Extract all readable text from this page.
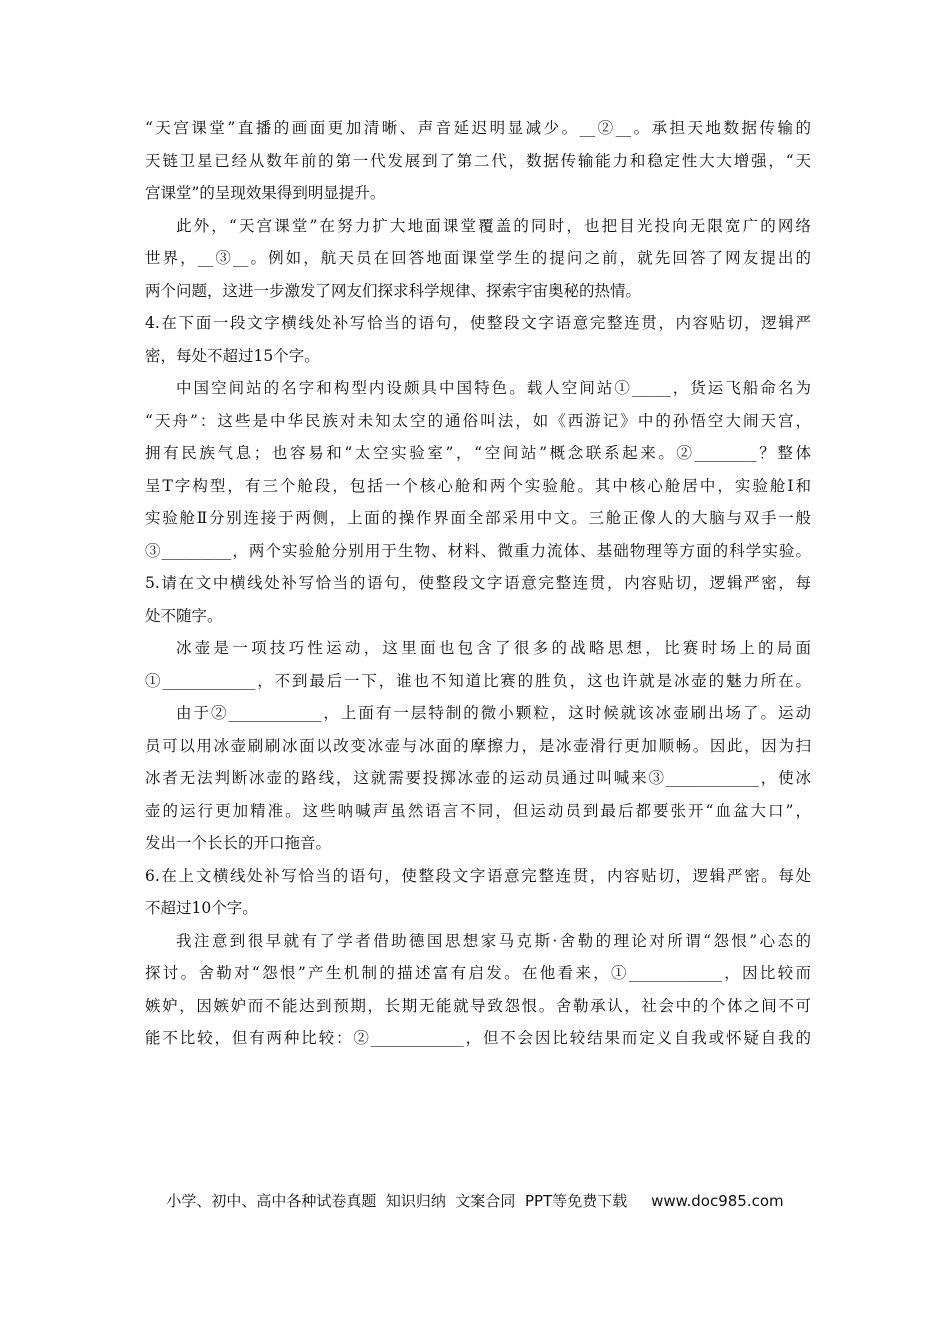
“天宫课堂”直播的画面更加清晰、声音延迟明显减少。__②__。承担天地数据传输的
天链卫星已经从数年前的第一代发展到了第二代，数据传输能力和稳定性大大增强，“天
宫课堂”的呈现效果得到明显提升。
此外，“天宫课堂”在努力扩大地面课堂覆盖的同时，也把目光投向无限宽广的网络
世界，__③__。例如，航天员在回答地面课堂学生的提问之前，就先回答了网友提出的
两个问题，这进一步激发了网友们探求科学规律、探索宇宙奥秘的热情。
4.在下面一段文字横线处补写恰当的语句，使整段文字语意完整连贯，内容贴切，逻辑严
密，每处不超过15个字。
中国空间站的名字和构型内设颇具中国特色。载人空间站①_____，货运飞船命名为
“天舟”：这些是中华民族对未知太空的通俗叫法，如《西游记》中的孙悟空大闹天宫，
拥有民族气息；也容易和“太空实验室”，“空间站”概念联系起来。②________？整体
呈T字构型，有三个舱段，包括一个核心舱和两个实验舱。其中核心舱居中，实验舱Ⅰ和
实验舱Ⅱ分别连接于两侧，上面的操作界面全部采用中文。三舱正像人的大脑与双手一般
③_________，两个实验舱分别用于生物、材料、微重力流体、基础物理等方面的科学实验。
5.请在文中横线处补写恰当的语句，使整段文字语意完整连贯，内容贴切，逻辑严密，每
处不随字。
冰壶是一项技巧性运动，这里面也包含了很多的战略思想，比赛时场上的局面
①____________，不到最后一下，谁也不知道比赛的胜负，这也许就是冰壶的魅力所在。
由于②____________，上面有一层特制的微小颗粒，这时候就该冰壶刷出场了。运动
员可以用冰壶刷刷冰面以改变冰壶与冰面的摩擦力，是冰壶滑行更加顺畅。因此，因为扫
冰者无法判断冰壶的路线，这就需要投掷冰壶的运动员通过叫喊来③____________，使冰
壶的运行更加精准。这些呐喊声虽然语言不同，但运动员到最后都要张开“血盆大口”，
发出一个长长的开口拖音。
6.在上文横线处补写恰当的语句，使整段文字语意完整连贯，内容贴切，逻辑严密。每处
不超过10个字。
我注意到很早就有了学者借助德国思想家马克斯·舍勒的理论对所谓“怨恨”心态的
探讨。舍勒对“怨恨”产生机制的描述富有启发。在他看来，①____________，因比较而
嫉妒，因嫉妒而不能达到预期，长期无能就导致怨恨。舍勒承认，社会中的个体之间不可
能不比较，但有两种比较：②____________，但不会因比较结果而定义自我或怀疑自我的
小学、初中、高中各种试卷真题  知识归纳  文案合同  PPT等免费下载     www.doc985.com
